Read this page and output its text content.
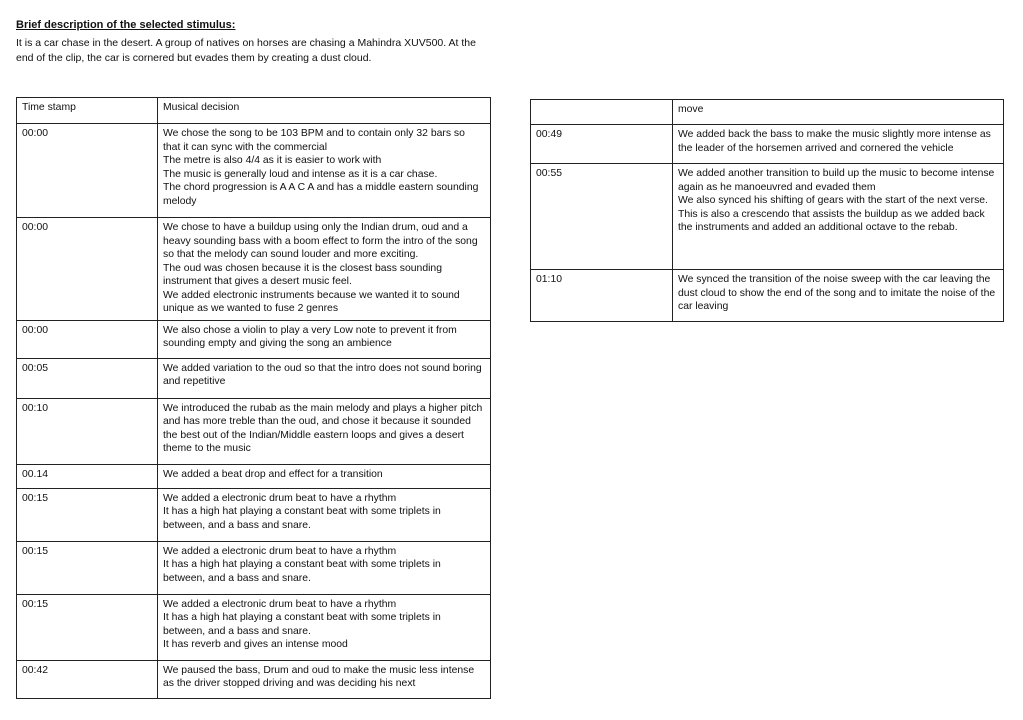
Brief description of the selected stimulus:

It is a car chase in the desert. A group of natives on horses are chasing a Mahindra XUV500. At the end of the clip, the car is cornered but evades them by creating a dust cloud.

Time stamp	Musical decision
00:00	We chose the song to be 103 BPM and to contain only 32 bars so that it can sync with the commercial
The metre is also 4/4 as it is easier to work with
The music is generally loud and intense as it is a car chase.
The chord progression is A A C A and has a middle eastern sounding melody
00:00	We chose to have a buildup using only the Indian drum, oud and a heavy sounding bass with a boom effect to form the intro of the song so that the melody can sound louder and more exciting.
The oud was chosen because it is the closest bass sounding instrument that gives a desert music feel.
We added electronic instruments because we wanted it to sound unique as we wanted to fuse 2 genres
00:00	We also chose a violin to play a very Low note to prevent it from sounding empty and giving the song an ambience
00:05	We added variation to the oud so that the intro does not sound boring and repetitive
00:10	We introduced the rubab as the main melody and plays a higher pitch and has more treble than the oud, and chose it because it sounded the best out of the Indian/Middle eastern loops and gives a desert theme to the music
00.14	We added a beat drop and effect for a transition
00:15	We added a electronic drum beat to have a rhythm
It has a high hat playing a constant beat with some triplets in between, and a bass and snare.
00:15	We added a electronic drum beat to have a rhythm
It has a high hat playing a constant beat with some triplets in between, and a bass and snare.
00:15	We added a electronic drum beat to have a rhythm
It has a high hat playing a constant beat with some triplets in between, and a bass and snare.
It has reverb and gives an intense mood
00:42	We paused the bass, Drum and oud to make the music less intense as the driver stopped driving and was deciding his next
	move
00:49	We added back the bass to make the music slightly more intense as the leader of the horsemen arrived and cornered the vehicle
00:55	We added another transition to build up the music to become intense again as he manoeuvred and evaded them
We also synced his shifting of gears with the start of the next verse.
This is also a crescendo that assists the buildup as we added back the instruments and added an additional octave to the rebab.
01:10	We synced the transition of the noise sweep with the car leaving the dust cloud to show the end of the song and to imitate the noise of the car leaving
